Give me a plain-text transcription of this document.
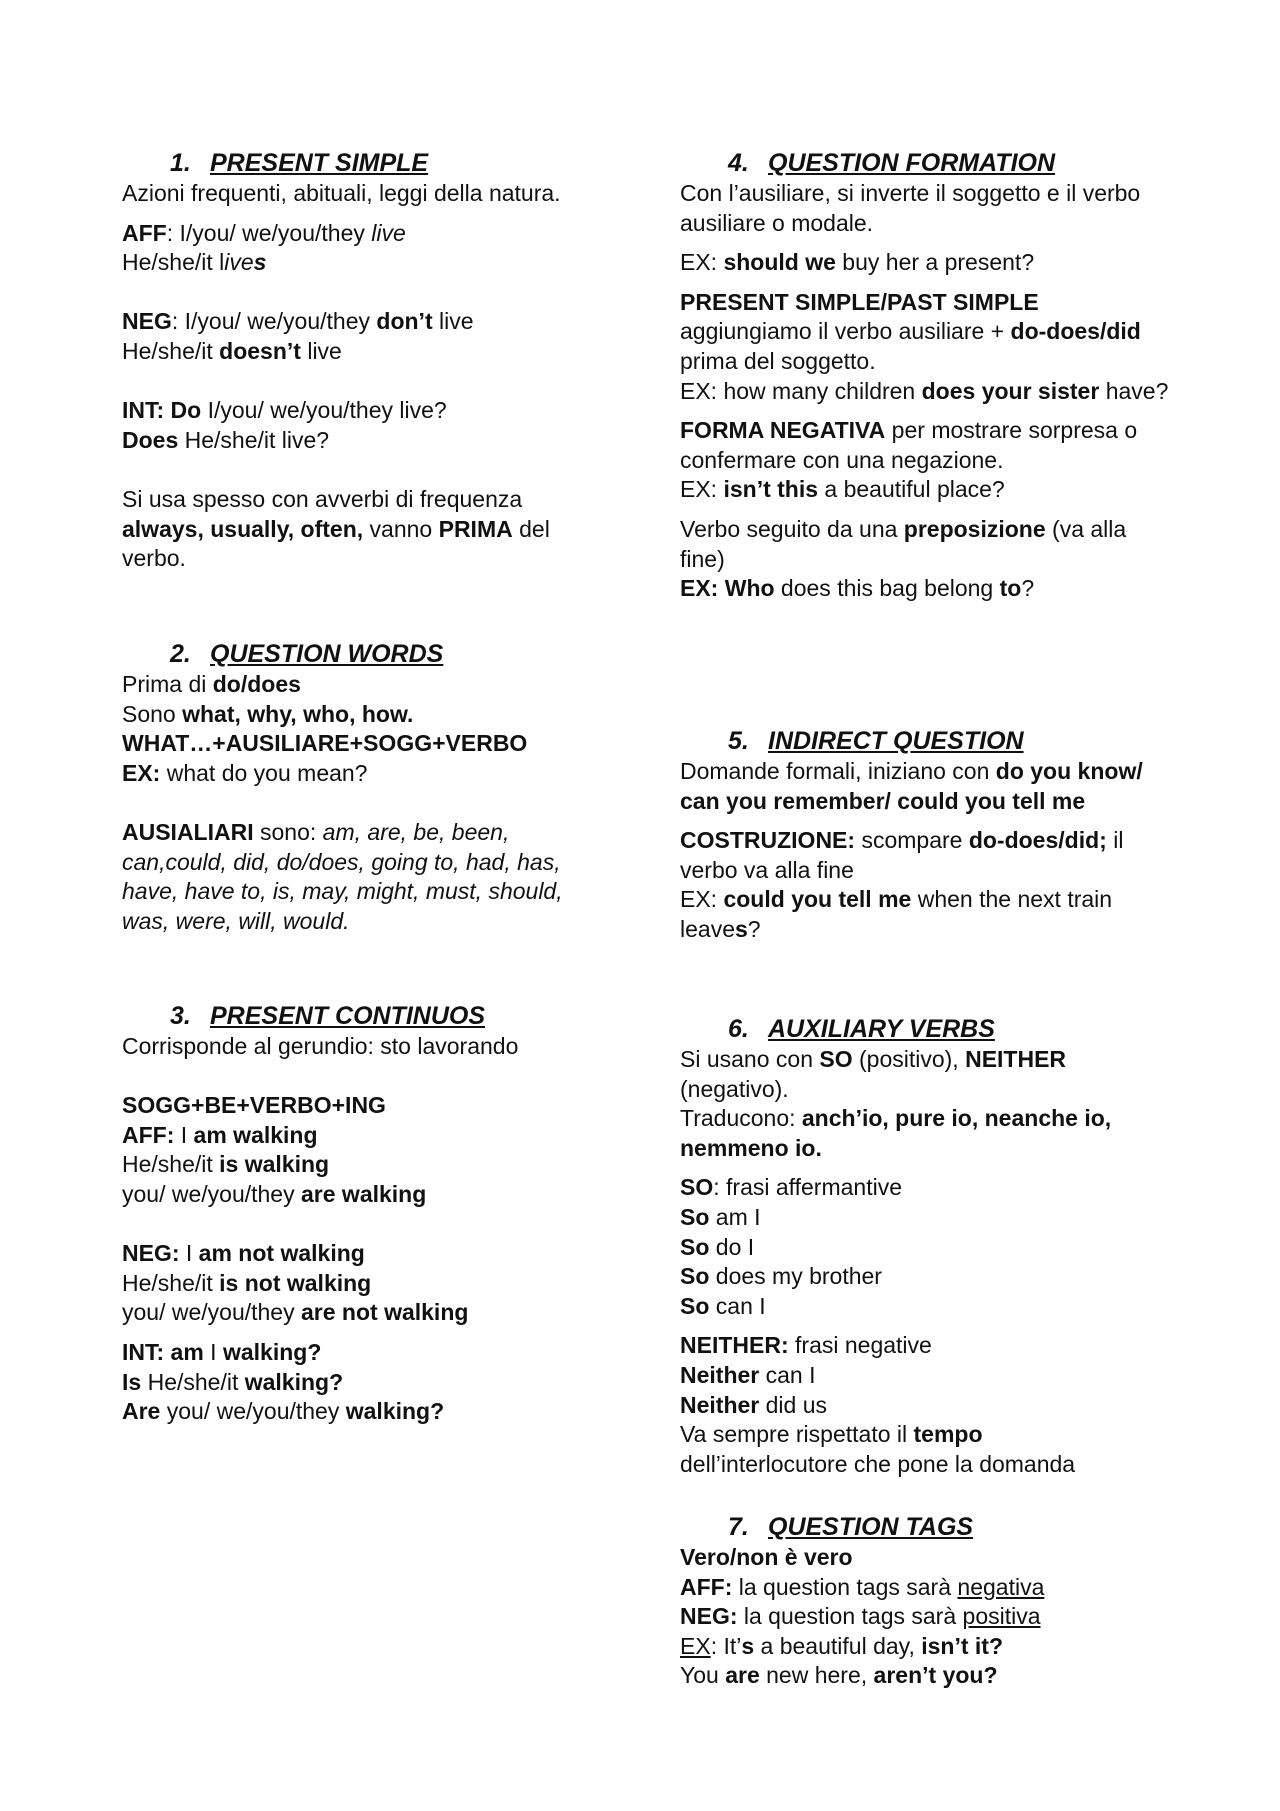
1. PRESENT SIMPLE
Azioni frequenti, abituali, leggi della natura.
AFF: I/you/ we/you/they live
He/she/it lives
NEG: I/you/ we/you/they don’t live
He/she/it doesn’t live
INT: Do I/you/ we/you/they live?
Does He/she/it live?
Si usa spesso con avverbi di frequenza
always, usually, often, vanno PRIMA del verbo.
2. QUESTION WORDS
Prima di do/does
Sono what, why, who, how.
WHAT…+AUSILIARE+SOGG+VERBO
EX: what do you mean?
AUSIALIARI sono: am, are, be, been, can,could, did, do/does, going to, had, has, have, have to, is, may, might, must, should, was, were, will, would.
3. PRESENT CONTINUOS
Corrisponde al gerundio: sto lavorando
SOGG+BE+VERBO+ING
AFF: I am walking
He/she/it is walking
you/ we/you/they are walking
NEG: I am not walking
He/she/it is not walking
you/ we/you/they are not walking
INT: am I walking?
Is He/she/it walking?
Are you/ we/you/they walking?
4. QUESTION FORMATION
Con l’ausiliare, si inverte il soggetto e il verbo ausiliare o modale.
EX: should we buy her a present?
PRESENT SIMPLE/PAST SIMPLE
aggiungiamo il verbo ausiliare + do-does/did prima del soggetto.
EX: how many children does your sister have?
FORMA NEGATIVA per mostrare sorpresa o confermare con una negazione.
EX: isn’t this a beautiful place?
Verbo seguito da una preposizione (va alla fine)
EX: Who does this bag belong to?
5. INDIRECT QUESTION
Domande formali, iniziano con do you know/ can you remember/ could you tell me
COSTRUZIONE: scompare do-does/did; il verbo va alla fine
EX: could you tell me when the next train leaves?
6. AUXILIARY VERBS
Si usano con SO (positivo), NEITHER (negativo).
Traducono: anch’io, pure io, neanche io, nemmeno io.
SO: frasi affermantive
So am I
So do I
So does my brother
So can I
NEITHER: frasi negative
Neither can I
Neither did us
Va sempre rispettato il tempo dell’interlocutore che pone la domanda
7. QUESTION TAGS
Vero/non è vero
AFF: la question tags sarà negativa
NEG: la question tags sarà positiva
EX: It’s a beautiful day, isn’t it?
You are new here, aren’t you?
